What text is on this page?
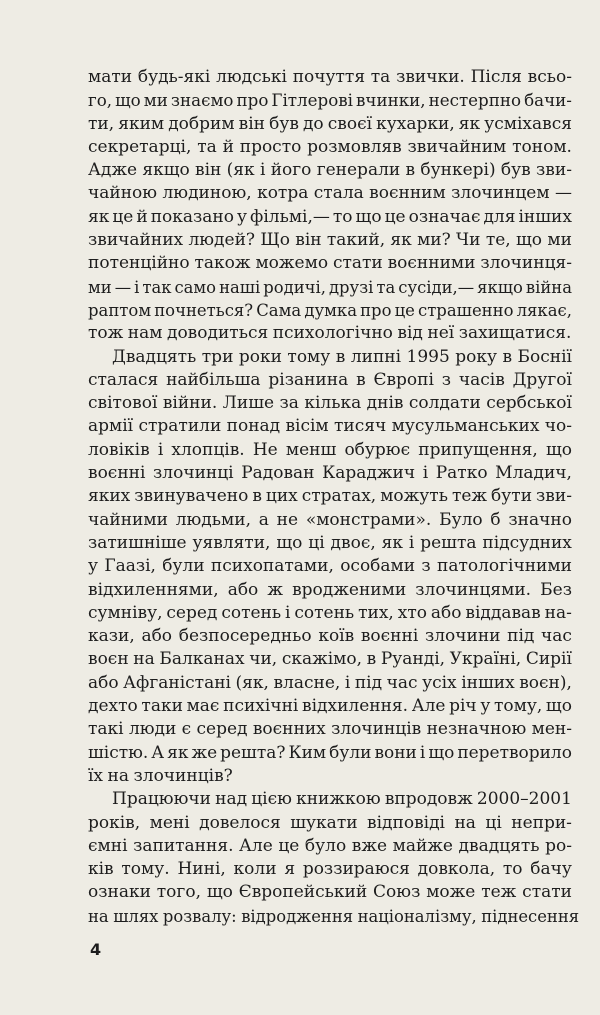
мати будь-які людські почуття та звички. Після всьо-
го, що ми знаємо про Гітлерові вчинки, нестерпно бачи-
ти, яким добрим він був до своєї кухарки, як усміхався
секретарці, та й просто розмовляв звичайним тоном.
Адже якщо він (як і його генерали в бункері) був зви-
чайною людиною, котра стала воєнним злочинцем —
як це й показано у фільмі,— то що це означає для інших
звичайних людей? Що він такий, як ми? Чи те, що ми
потенційно також можемо стати воєнними злочинця-
ми — і так само наші родичі, друзі та сусіди,— якщо війна
раптом почнеться? Сама думка про це страшенно лякає,
тож нам доводиться психологічно від неї захищатися.
Двадцять три роки тому в липні 1995 року в Боснії
сталася найбільша різанина в Європі з часів Другої
світової війни. Лише за кілька днів солдати сербської
армії стратили понад вісім тисяч мусульманських чо-
ловіків і хлопців. Не менш обурює припущення, що
воєнні злочинці Радован Караджич і Ратко Младич,
яких звинувачено в цих стратах, можуть теж бути зви-
чайними людьми, а не «монстрами». Було б значно
затишніше уявляти, що ці двоє, як і решта підсудних
у Гаазі, були психопатами, особами з патологічними
відхиленнями, або ж вродженими злочинцями. Без
сумніву, серед сотень і сотень тих, хто або віддавав на-
кази, або безпосередньо коїв воєнні злочини під час
воєн на Балканах чи, скажімо, в Руанді, Україні, Сирії
або Афганістані (як, власне, і під час усіх інших воєн),
дехто таки має психічні відхилення. Але річ у тому, що
такі люди є серед воєнних злочинців незначною мен-
шістю. А як же решта? Ким були вони і що перетворило
їх на злочинців?
Працюючи над цією книжкою впродовж 2000–2001
років, мені довелося шукати відповіді на ці непри-
ємні запитання. Але це було вже майже двадцять ро-
ків тому. Нині, коли я роззираюся довкола, то бачу
ознаки того, що Європейський Союз може теж стати
на шлях розвалу: відродження націоналізму, піднесення
4
